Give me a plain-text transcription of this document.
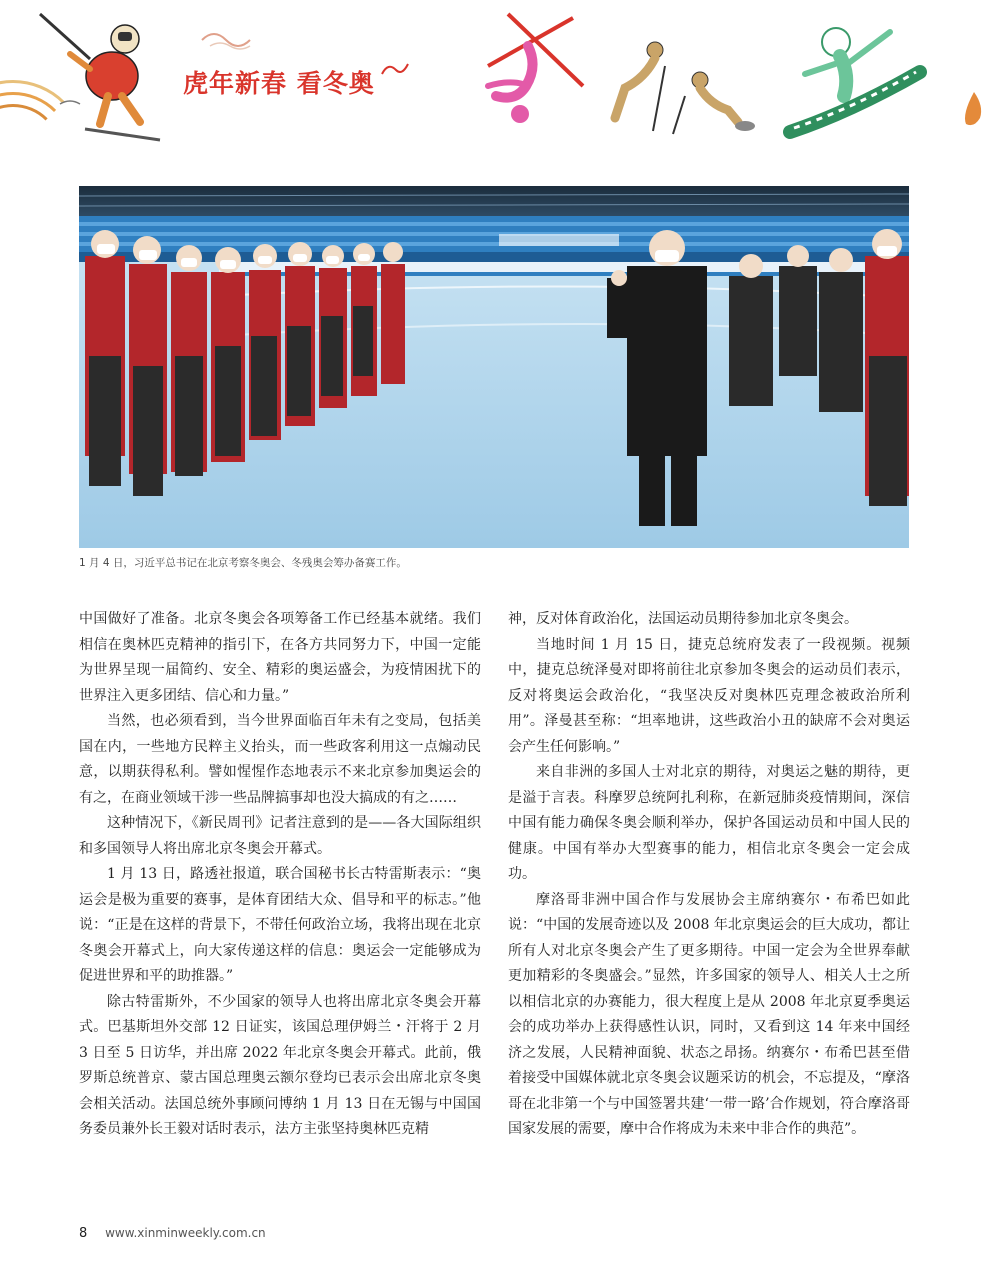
虎年新春 看冬奥
1 月 4 日，习近平总书记在北京考察冬奥会、冬残奥会筹办备赛工作。

中国做好了准备。北京冬奥会各项筹备工作已经基本就绪。我们相信在奥林匹克精神的指引下，在各方共同努力下，中国一定能为世界呈现一届简约、安全、精彩的奥运盛会，为疫情困扰下的世界注入更多团结、信心和力量。”

当然，也必须看到，当今世界面临百年未有之变局，包括美国在内，一些地方民粹主义抬头，而一些政客利用这一点煽动民意，以期获得私利。譬如惺惺作态地表示不来北京参加奥运会的有之，在商业领域干涉一些品牌搞事却也没大搞成的有之……

这种情况下，《新民周刊》记者注意到的是——各大国际组织和多国领导人将出席北京冬奥会开幕式。

1 月 13 日，路透社报道，联合国秘书长古特雷斯表示：“奥运会是极为重要的赛事，是体育团结大众、倡导和平的标志。”他说：“正是在这样的背景下，不带任何政治立场，我将出现在北京冬奥会开幕式上，向大家传递这样的信息：奥运会一定能够成为促进世界和平的助推器。”

除古特雷斯外，不少国家的领导人也将出席北京冬奥会开幕式。巴基斯坦外交部 12 日证实，该国总理伊姆兰・汗将于 2 月 3 日至 5 日访华，并出席 2022 年北京冬奥会开幕式。此前，俄罗斯总统普京、蒙古国总理奥云额尔登均已表示会出席北京冬奥会相关活动。法国总统外事顾问博纳 1 月 13 日在无锡与中国国务委员兼外长王毅对话时表示，法方主张坚持奥林匹克精

神，反对体育政治化，法国运动员期待参加北京冬奥会。

当地时间 1 月 15 日，捷克总统府发表了一段视频。视频中，捷克总统泽曼对即将前往北京参加冬奥会的运动员们表示，反对将奥运会政治化，“我坚决反对奥林匹克理念被政治所利用”。泽曼甚至称：“坦率地讲，这些政治小丑的缺席不会对奥运会产生任何影响。”

来自非洲的多国人士对北京的期待，对奥运之魅的期待，更是溢于言表。科摩罗总统阿扎利称，在新冠肺炎疫情期间，深信中国有能力确保冬奥会顺利举办，保护各国运动员和中国人民的健康。中国有举办大型赛事的能力，相信北京冬奥会一定会成功。

摩洛哥非洲中国合作与发展协会主席纳赛尔・布希巴如此说：“中国的发展奇迹以及 2008 年北京奥运会的巨大成功，都让所有人对北京冬奥会产生了更多期待。中国一定会为全世界奉献更加精彩的冬奥盛会。”显然，许多国家的领导人、相关人士之所以相信北京的办赛能力，很大程度上是从 2008 年北京夏季奥运会的成功举办上获得感性认识，同时，又看到这 14 年来中国经济之发展，人民精神面貌、状态之昂扬。纳赛尔・布希巴甚至借着接受中国媒体就北京冬奥会议题采访的机会，不忘提及，“摩洛哥在北非第一个与中国签署共建‘一带一路’合作规划，符合摩洛哥国家发展的需要，摩中合作将成为未来中非合作的典范”。

8 www.xinminweekly.com.cn
